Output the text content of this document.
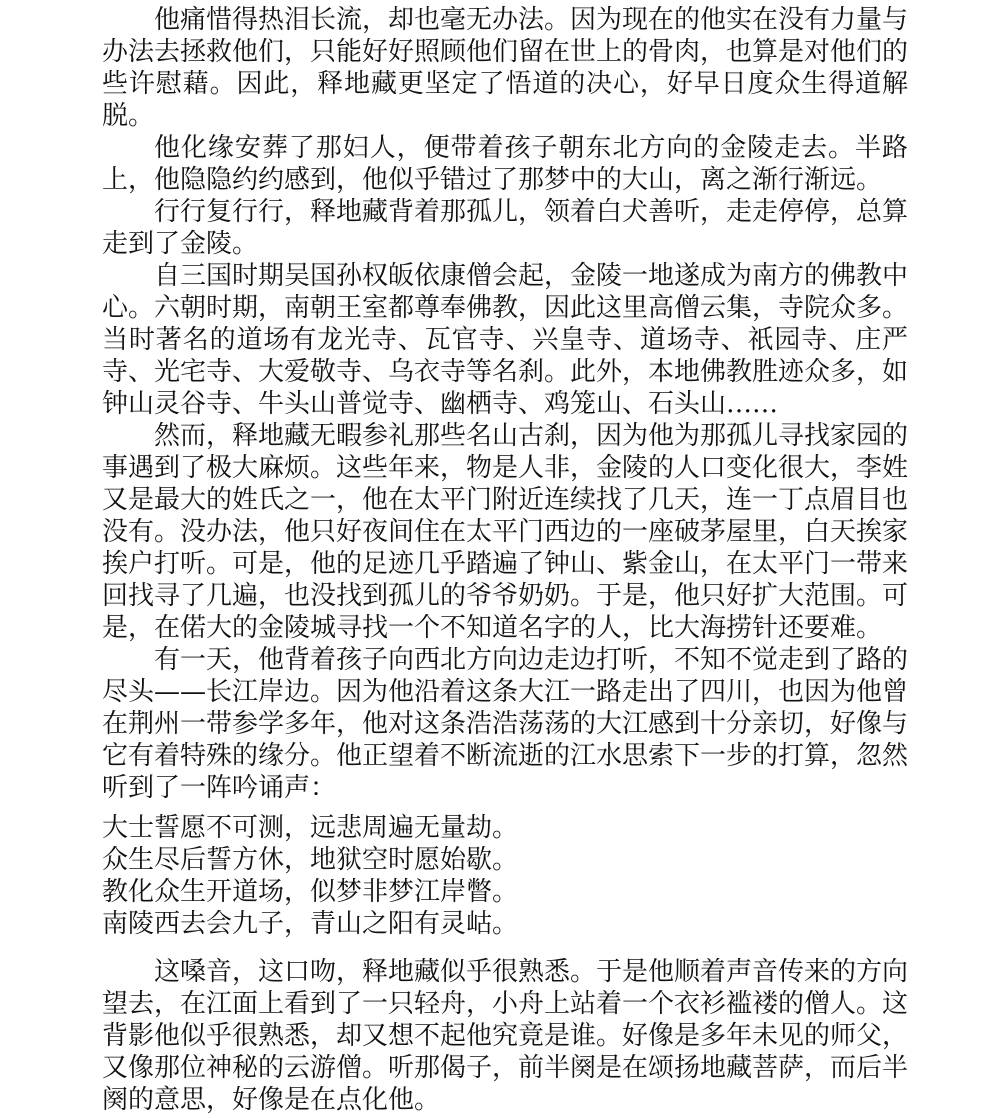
他痛惜得热泪长流，却也毫无办法。因为现在的他实在没有力量与办法去拯救他们，只能好好照顾他们留在世上的骨肉，也算是对他们的些许慰藉。因此，释地藏更坚定了悟道的决心，好早日度众生得道解脱。

他化缘安葬了那妇人，便带着孩子朝东北方向的金陵走去。半路上，他隐隐约约感到，他似乎错过了那梦中的大山，离之渐行渐远。

行行复行行，释地藏背着那孤儿，领着白犬善听，走走停停，总算走到了金陵。

自三国时期吴国孙权皈依康僧会起，金陵一地遂成为南方的佛教中心。六朝时期，南朝王室都尊奉佛教，因此这里高僧云集，寺院众多。当时著名的道场有龙光寺、瓦官寺、兴皇寺、道场寺、祇园寺、庄严寺、光宅寺、大爱敬寺、乌衣寺等名刹。此外，本地佛教胜迹众多，如钟山灵谷寺、牛头山普觉寺、幽栖寺、鸡笼山、石头山……

然而，释地藏无暇参礼那些名山古刹，因为他为那孤儿寻找家园的事遇到了极大麻烦。这些年来，物是人非，金陵的人口变化很大，李姓又是最大的姓氏之一，他在太平门附近连续找了几天，连一丁点眉目也没有。没办法，他只好夜间住在太平门西边的一座破茅屋里，白天挨家挨户打听。可是，他的足迹几乎踏遍了钟山、紫金山，在太平门一带来回找寻了几遍，也没找到孤儿的爷爷奶奶。于是，他只好扩大范围。可是，在偌大的金陵城寻找一个不知道名字的人，比大海捞针还要难。

有一天，他背着孩子向西北方向边走边打听，不知不觉走到了路的尽头——长江岸边。因为他沿着这条大江一路走出了四川，也因为他曾在荆州一带参学多年，他对这条浩浩荡荡的大江感到十分亲切，好像与它有着特殊的缘分。他正望着不断流逝的江水思索下一步的打算，忽然听到了一阵吟诵声：

大士誓愿不可测，远悲周遍无量劫。

众生尽后誓方休，地狱空时愿始歇。

教化众生开道场，似梦非梦江岸瞥。

南陵西去会九子，青山之阳有灵岵。

这嗓音，这口吻，释地藏似乎很熟悉。于是他顺着声音传来的方向望去，在江面上看到了一只轻舟，小舟上站着一个衣衫褴褛的僧人。这背影他似乎很熟悉，却又想不起他究竟是谁。好像是多年未见的师父，又像那位神秘的云游僧。听那偈子，前半阕是在颂扬地藏菩萨，而后半阕的意思，好像是在点化他。
